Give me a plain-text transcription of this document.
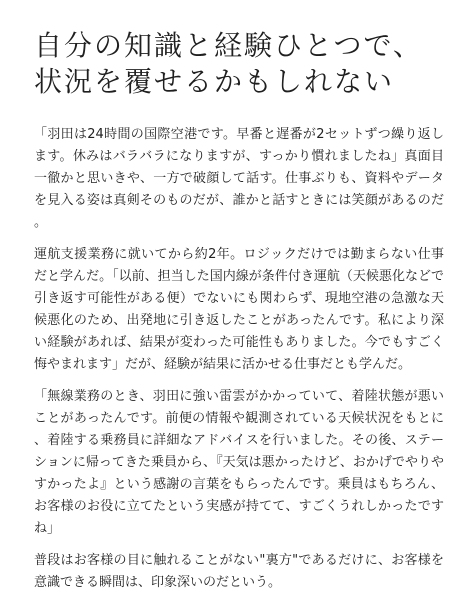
自分の知識と経験ひとつで、
状況を覆せるかもしれない

「羽田は24時間の国際空港です。早番と遅番が2セットずつ繰り返します。休みはバラバラになりますが、すっかり慣れましたね」真面目一徹かと思いきや、一方で破顔して話す。仕事ぶりも、資料やデータを見入る姿は真剣そのものだが、誰かと話すときには笑顔があるのだ。

運航支援業務に就いてから約2年。ロジックだけでは勤まらない仕事だと学んだ。「以前、担当した国内線が条件付き運航（天候悪化などで引き返す可能性がある便）でないにも関わらず、現地空港の急激な天候悪化のため、出発地に引き返したことがあったんです。私により深い経験があれば、結果が変わった可能性もありました。今でもすごく悔やまれます」だが、経験が結果に活かせる仕事だとも学んだ。

「無線業務のとき、羽田に強い雷雲がかかっていて、着陸状態が悪いことがあったんです。前便の情報や観測されている天候状況をもとに、着陸する乗務員に詳細なアドバイスを行いました。その後、ステーションに帰ってきた乗員から、『天気は悪かったけど、おかげでやりやすかったよ』という感謝の言葉をもらったんです。乗員はもちろん、お客様のお役に立てたという実感が持てて、すごくうれしかったですね」

普段はお客様の目に触れることがない"裏方"であるだけに、お客様を意識できる瞬間は、印象深いのだという。
